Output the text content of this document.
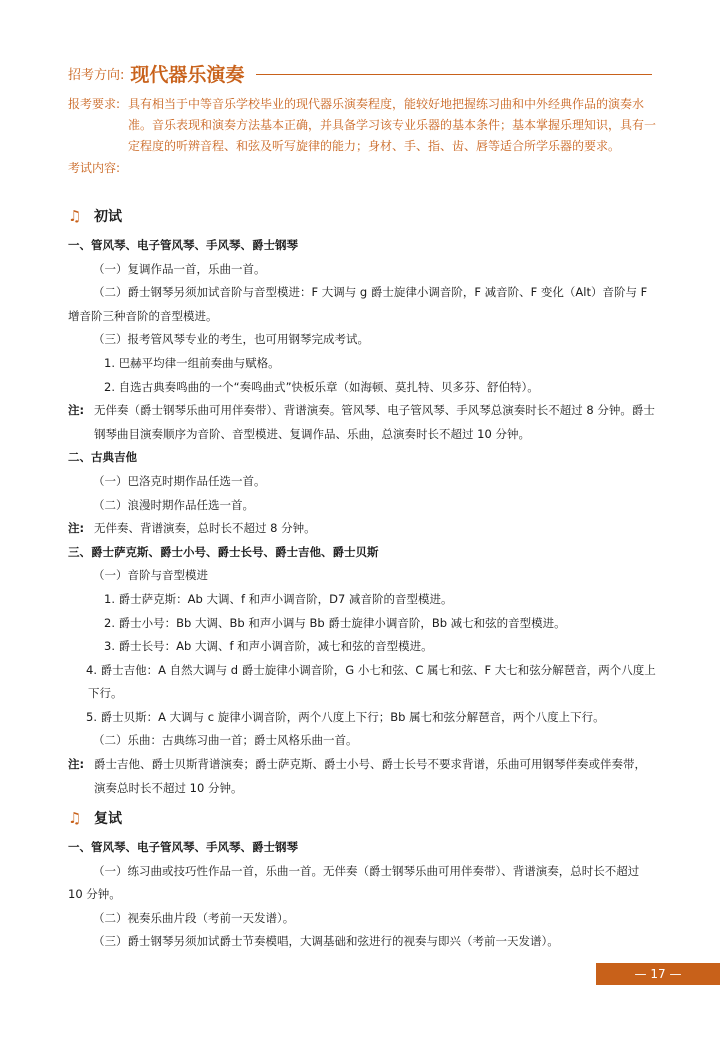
招考方向: 现代器乐演奏
报考要求: 具有相当于中等音乐学校毕业的现代器乐演奏程度，能较好地把握练习曲和中外经典作品的演奏水准。音乐表现和演奏方法基本正确，并具备学习该专业乐器的基本条件；基本掌握乐理知识，具有一定程度的听辨音程、和弦及听写旋律的能力；身材、手、指、齿、唇等适合所学乐器的要求。
考试内容:
♫ 初试
一、管风琴、电子管风琴、手风琴、爵士钢琴
（一）复调作品一首，乐曲一首。
（二）爵士钢琴另须加试音阶与音型模进：F 大调与 g 爵士旋律小调音阶，F 减音阶、F 变化（Alt）音阶与 F 增音阶三种音阶的音型模进。
（三）报考管风琴专业的考生，也可用钢琴完成考试。
1. 巴赫平均律一组前奏曲与赋格。
2. 自选古典奏鸣曲的一个“奏鸣曲式”快板乐章（如海顿、莫扎特、贝多芬、舒伯特）。
注: 无伴奏（爵士钢琴乐曲可用伴奏带）、背谱演奏。管风琴、电子管风琴、手风琴总演奏时长不超过 8 分钟。爵士钢琴曲目演奏顺序为音阶、音型模进、复调作品、乐曲，总演奏时长不超过 10 分钟。
二、古典吉他
（一）巴洛克时期作品任选一首。
（二）浪漫时期作品任选一首。
注: 无伴奏、背谱演奏，总时长不超过 8 分钟。
三、爵士萨克斯、爵士小号、爵士长号、爵士吉他、爵士贝斯
（一）音阶与音型模进
1. 爵士萨克斯：Ab 大调、f 和声小调音阶，D7 减音阶的音型模进。
2. 爵士小号：Bb 大调、Bb 和声小调与 Bb 爵士旋律小调音阶，Bb 减七和弦的音型模进。
3. 爵士长号：Ab 大调、f 和声小调音阶，减七和弦的音型模进。
4. 爵士吉他：A 自然大调与 d 爵士旋律小调音阶，G 小七和弦、C 属七和弦、F 大七和弦分解琶音，两个八度上下行。
5. 爵士贝斯：A 大调与 c 旋律小调音阶，两个八度上下行；Bb 属七和弦分解琶音，两个八度上下行。
（二）乐曲：古典练习曲一首；爵士风格乐曲一首。
注: 爵士吉他、爵士贝斯背谱演奏；爵士萨克斯、爵士小号、爵士长号不要求背谱，乐曲可用钢琴伴奏或伴奏带，演奏总时长不超过 10 分钟。
♫ 复试
一、管风琴、电子管风琴、手风琴、爵士钢琴
（一）练习曲或技巧性作品一首，乐曲一首。无伴奏（爵士钢琴乐曲可用伴奏带）、背谱演奏，总时长不超过 10 分钟。
（二）视奏乐曲片段（考前一天发谱）。
（三）爵士钢琴另须加试爵士节奏模唱，大调基础和弦进行的视奏与即兴（考前一天发谱）。
— 17 —
